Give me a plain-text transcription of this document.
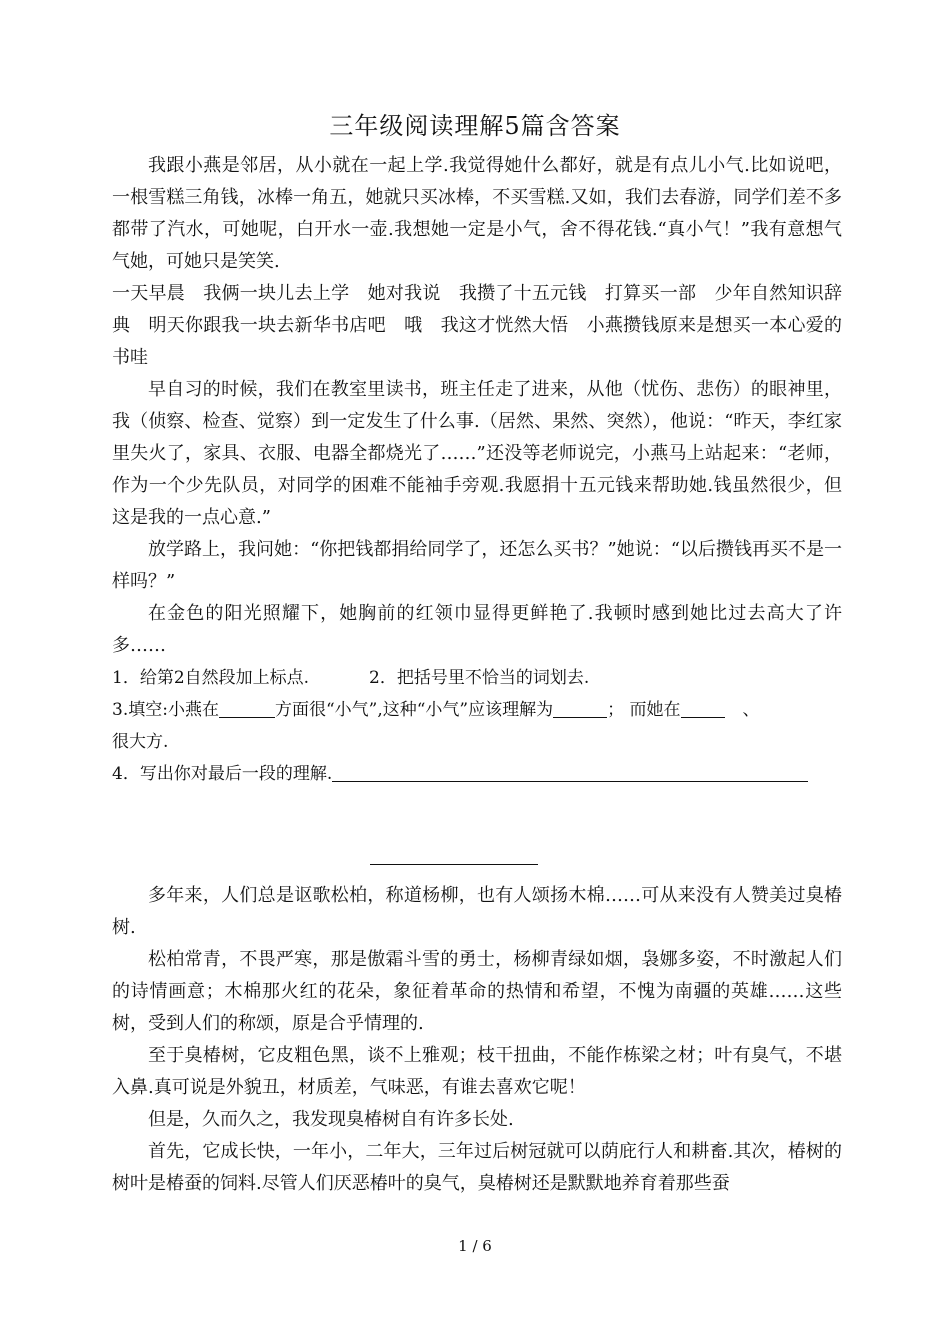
三年级阅读理解5篇含答案

我跟小燕是邻居，从小就在一起上学.我觉得她什么都好，就是有点儿小气.比如说吧，一根雪糕三角钱，冰棒一角五，她就只买冰棒，不买雪糕.又如，我们去春游，同学们差不多都带了汽水，可她呢，白开水一壶.我想她一定是小气，舍不得花钱.“真小气！”我有意想气气她，可她只是笑笑.

一天早晨　我俩一块儿去上学　她对我说　我攒了十五元钱　打算买一部　少年自然知识辞典　明天你跟我一块去新华书店吧　哦　我这才恍然大悟　小燕攒钱原来是想买一本心爱的书哇

早自习的时候，我们在教室里读书，班主任走了进来，从他（忧伤、悲伤）的眼神里，我（侦察、检查、觉察）到一定发生了什么事.（居然、果然、突然），他说：“昨天，李红家里失火了，家具、衣服、电器全都烧光了……”还没等老师说完，小燕马上站起来：“老师，作为一个少先队员，对同学的困难不能袖手旁观.我愿捐十五元钱来帮助她.钱虽然很少，但这是我的一点心意.”

放学路上，我问她：“你把钱都捐给同学了，还怎么买书？”她说：“以后攒钱再买不是一样吗？”

在金色的阳光照耀下，她胸前的红领巾显得更鲜艳了.我顿时感到她比过去高大了许多……

1．给第2自然段加上标点.	2．把括号里不恰当的词划去.

3.填空:小燕在	方面很“小气”,这种“小气”应该理解为	； 而她在	、
很大方.

4．写出你对最后一段的理解.

多年来，人们总是讴歌松柏，称道杨柳，也有人颂扬木棉……可从来没有人赞美过臭椿树.

松柏常青，不畏严寒，那是傲霜斗雪的勇士，杨柳青绿如烟，袅娜多姿，不时激起人们的诗情画意；木棉那火红的花朵，象征着革命的热情和希望，不愧为南疆的英雄……这些树，受到人们的称颂，原是合乎情理的.

至于臭椿树，它皮粗色黑，谈不上雅观；枝干扭曲，不能作栋梁之材；叶有臭气，不堪入鼻.真可说是外貌丑，材质差，气味恶，有谁去喜欢它呢！

但是，久而久之，我发现臭椿树自有许多长处.

首先，它成长快，一年小，二年大，三年过后树冠就可以荫庇行人和耕畜.其次，椿树的树叶是椿蚕的饲料.尽管人们厌恶椿叶的臭气，臭椿树还是默默地养育着那些蚕

1 / 6
